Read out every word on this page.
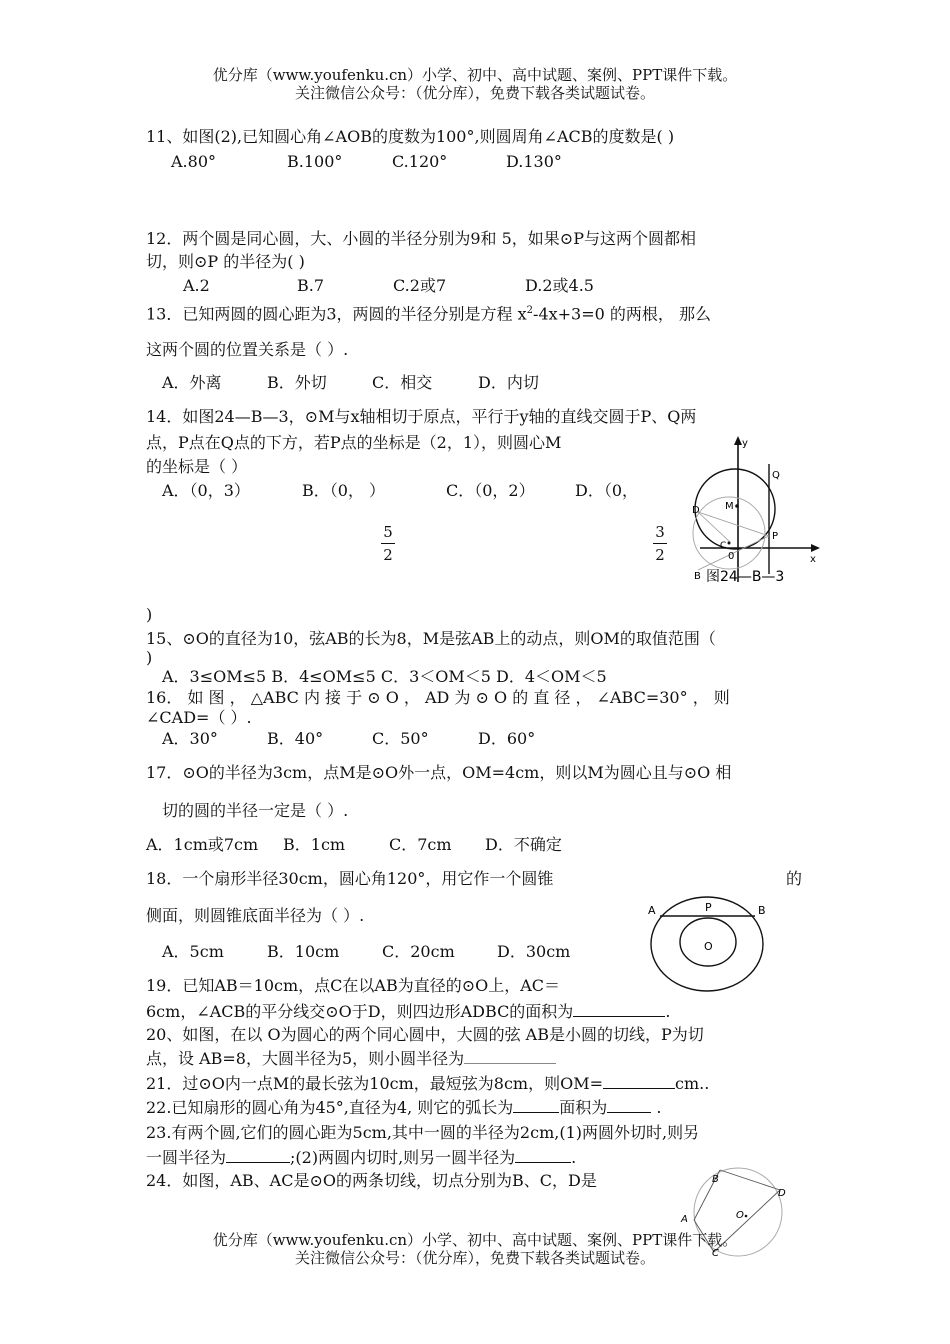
优分库（www.youfenku.cn）小学、初中、高中试题、案例、PPT课件下载。
关注微信公众号：（优分库），免费下载各类试题试卷。
11、如图(2),已知圆心角∠AOB的度数为100°,则圆周角∠ACB的度数是( )
A.80°	B.100°	C.120°	D.130°
12．两个圆是同心圆，大、小圆的半径分别为9和 5，如果⊙P与这两个圆都相
切，则⊙P 的半径为( )
A.2	B.7	C.2或7	D.2或4.5
13．已知两圆的圆心距为3，两圆的半径分别是方程 $x^2-4x+3=0$ 的两根， 那么
这两个圆的位置关系是（ ）.
A．外离	B．外切	C．相交	D．内切
14．如图24—B—3，⊙M与x轴相切于原点，平行于y轴的直线交圆于P、Q两
点，P点在Q点的下方，若P点的坐标是（2，1），则圆心M
的坐标是（ ）
A．（0，3）	B．（0， ）	C．（0，2）	D．（0，
5
2
3
2
)
y
Q
M
D
P
C
0	x
B 图24—B—3
15、⊙O的直径为10，弦AB的长为8，M是弦AB上的动点，则OM的取值范围（
)
A．3≤OM≤5 B．4≤OM≤5 C．3＜OM＜5 D．4＜OM＜5
16． 如 图 ， △ABC 内 接 于 ⊙ O ， AD 为 ⊙ O 的 直 径 ， ∠ABC=30° ， 则
∠CAD=（ ）.
A．30°	B．40°	C．50°	D．60°
17．⊙O的半径为3cm，点M是⊙O外一点，OM=4cm，则以M为圆心且与⊙O 相
切的圆的半径一定是（ ）.
A．1cm或7cm B．1cm	C．7cm D．不确定
18．一个扇形半径30cm，圆心角120°，用它作一个圆锥	的
侧面，则圆锥底面半径为（ ）.
A．5cm	B．10cm	C．20cm	D．30cm
A	P	B
O
19．已知AB＝10cm，点C在以AB为直径的⊙O上，AC＝
6cm，∠ACB的平分线交⊙O于D，则四边形ADBC的面积为	.
20、如图，在以 O为圆心的两个同心圆中，大圆的弦 AB是小圆的切线，P为切
点，设 AB=8，大圆半径为5，则小圆半径为
21．过⊙O内一点M的最长弦为10cm，最短弦为8cm，则OM=	cm..
22.已知扇形的圆心角为45°,直径为4, 则它的弧长为	面积为	.
23.有两个圆,它们的圆心距为5cm,其中一圆的半径为2cm,(1)两圆外切时,则另
一圆半径为	;(2)两圆内切时,则另一圆半径为	.
24．如图，AB、AC是⊙O的两条切线，切点分别为B、C，D是	B
D
O
A
C
优分库（www.youfenku.cn）小学、初中、高中试题、案例、PPT课件下载。
关注微信公众号：（优分库），免费下载各类试题试卷。
